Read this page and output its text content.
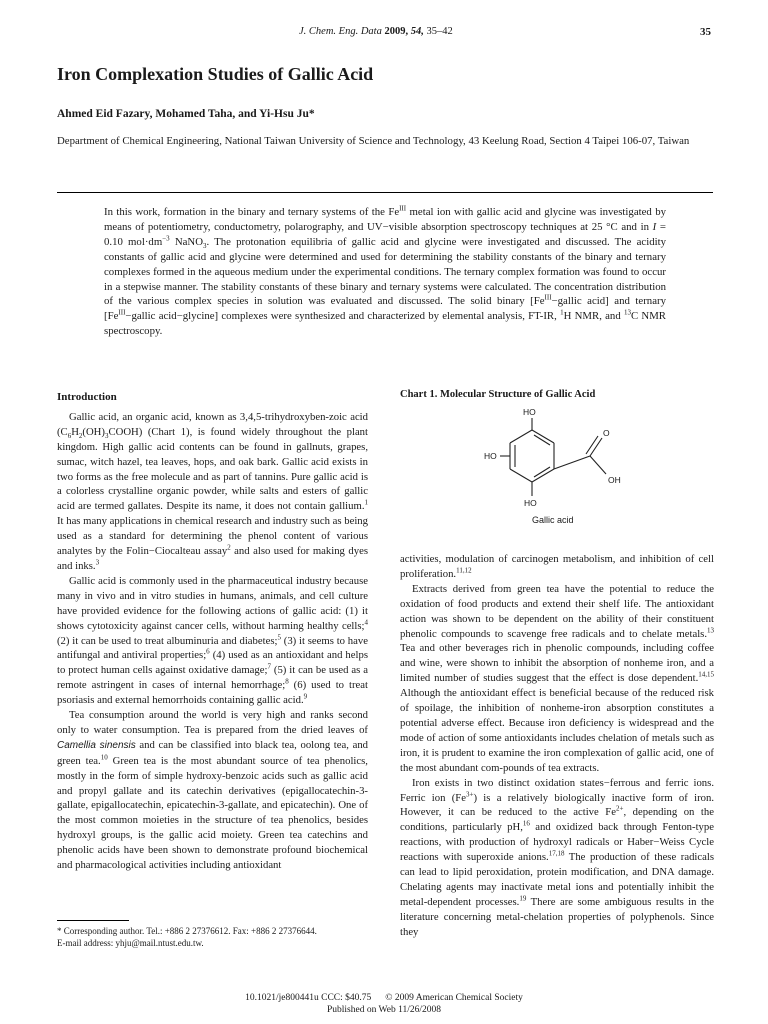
J. Chem. Eng. Data 2009, 54, 35–42	35
Iron Complexation Studies of Gallic Acid
Ahmed Eid Fazary, Mohamed Taha, and Yi-Hsu Ju*
Department of Chemical Engineering, National Taiwan University of Science and Technology, 43 Keelung Road, Section 4 Taipei 106-07, Taiwan

In this work, formation in the binary and ternary systems of the $Fe^{III}$ metal ion with gallic acid and glycine was investigated by means of potentiometry, conductometry, polarography, and UV−visible absorption spectroscopy techniques at 25 °C and in I = 0.10 $mol\cdot dm^{-3}$ NaNO$_3$. The protonation equilibria of gallic acid and glycine were investigated and discussed. The acidity constants of gallic acid and glycine were determined and used for determining the stability constants of the binary and ternary complexes formed in the aqueous medium under the experimental conditions. The ternary complex formation was found to occur in a stepwise manner. The stability constants of these binary and ternary systems were calculated. The concentration distribution of the various complex species in solution was evaluated and discussed. The solid binary [$Fe^{III}-gallic$ acid] and ternary [$Fe^{III}-gallic$ acid−glycine] complexes were synthesized and characterized by elemental analysis, FT-IR, $^1$H NMR, and $^{13}$C NMR spectroscopy.

Introduction

Gallic acid, an organic acid, known as 3,4,5-trihydroxyben-zoic acid $(C_6H_2(OH)_3COOH)$ (Chart 1), is found widely throughout the plant kingdom. High gallic acid contents can be found in gallnuts, grapes, sumac, witch hazel, tea leaves, hops, and oak bark. Gallic acid exists in two forms as the free molecule and as part of tannins. Pure gallic acid is a colorless crystalline organic powder, while salts and esters of gallic acid are termed gallates. Despite its name, it does not contain gallium.$^1$ It has many applications in chemical research and industry such as being used as a standard for determining the phenol content of various analytes by the Folin−Ciocalteau assay$^2$ and also used for making dyes and inks.$^3$

Gallic acid is commonly used in the pharmaceutical industry because many in vivo and in vitro studies in humans, animals, and cell culture have provided evidence for the following actions of gallic acid: (1) it shows cytotoxicity against cancer cells, without harming healthy cells;$^4$ (2) it can be used to treat albuminuria and diabetes;$^5$ (3) it seems to have antifungal and antiviral properties;$^6$ (4) used as an antioxidant and helps to protect human cells against oxidative damage;$^7$ (5) it can be used as a remote astringent in cases of internal hemorrhage;$^8$ (6) used to treat psoriasis and external hemorrhoids containing gallic acid.$^9$

Tea consumption around the world is very high and ranks second only to water consumption. Tea is prepared from the dried leaves of Camellia sinensis and can be classified into black tea, oolong tea, and green tea.$^{10}$ Green tea is the most abundant source of tea phenolics, mostly in the form of simple hydroxy-benzoic acids such as gallic acid and propyl gallate and its catechin derivatives (epigallocatechin-3-gallate, epigallocatechin, epicatechin-3-gallate, and epicatechin). One of the most common moieties in the structure of tea phenolics, besides hydroxyl groups, is the gallic acid moiety. Green tea catechins and phenolic acids have been shown to demonstrate profound biochemical and pharmacological activities including antioxidant

Chart 1. Molecular Structure of Gallic Acid
HO
HO
HO
O
OH
Gallic acid

activities, modulation of carcinogen metabolism, and inhibition of cell proliferation.$^{11,12}$

Extracts derived from green tea have the potential to reduce the oxidation of food products and extend their shelf life. The antioxidant action was shown to be dependent on the ability of their constituent phenolic compounds to scavenge free radicals and to chelate metals.$^{13}$ Tea and other beverages rich in phenolic compounds, including coffee and wine, were shown to inhibit the absorption of nonheme iron, and a limited number of studies suggest that the effect is dose dependent.$^{14,15}$ Although the antioxidant effect is beneficial because of the reduced risk of spoilage, the inhibition of nonheme-iron absorption constitutes a potential adverse effect. Because iron deficiency is widespread and the mode of action of some antioxidants includes chelation of metals such as iron, it is prudent to examine the iron complexation of gallic acid, one of the most abundant com-pounds of tea extracts.

Iron exists in two distinct oxidation states−ferrous and ferric ions. Ferric ion $(Fe^{3+})$ is a relatively biologically inactive form of iron. However, it can be reduced to the active $Fe^{2+}$, depending on the conditions, particularly pH,$^{16}$ and oxidized back through Fenton-type reactions, with production of hydroxyl radicals or Haber−Weiss Cycle reactions with superoxide anions.$^{17,18}$ The production of these radicals can lead to lipid peroxidation, protein modification, and DNA damage. Chelating agents may inactivate metal ions and potentially inhibit the metal-dependent processes.$^{19}$ There are some ambiguous results in the literature concerning metal-chelation properties of polyphenols. Since they

* Corresponding author. Tel.: +886 2 27376612. Fax: +886 2 27376644.
E-mail address: yhju@mail.ntust.edu.tw.
10.1021/je800441u CCC: $40.75 © 2009 American Chemical Society
Published on Web 11/26/2008
